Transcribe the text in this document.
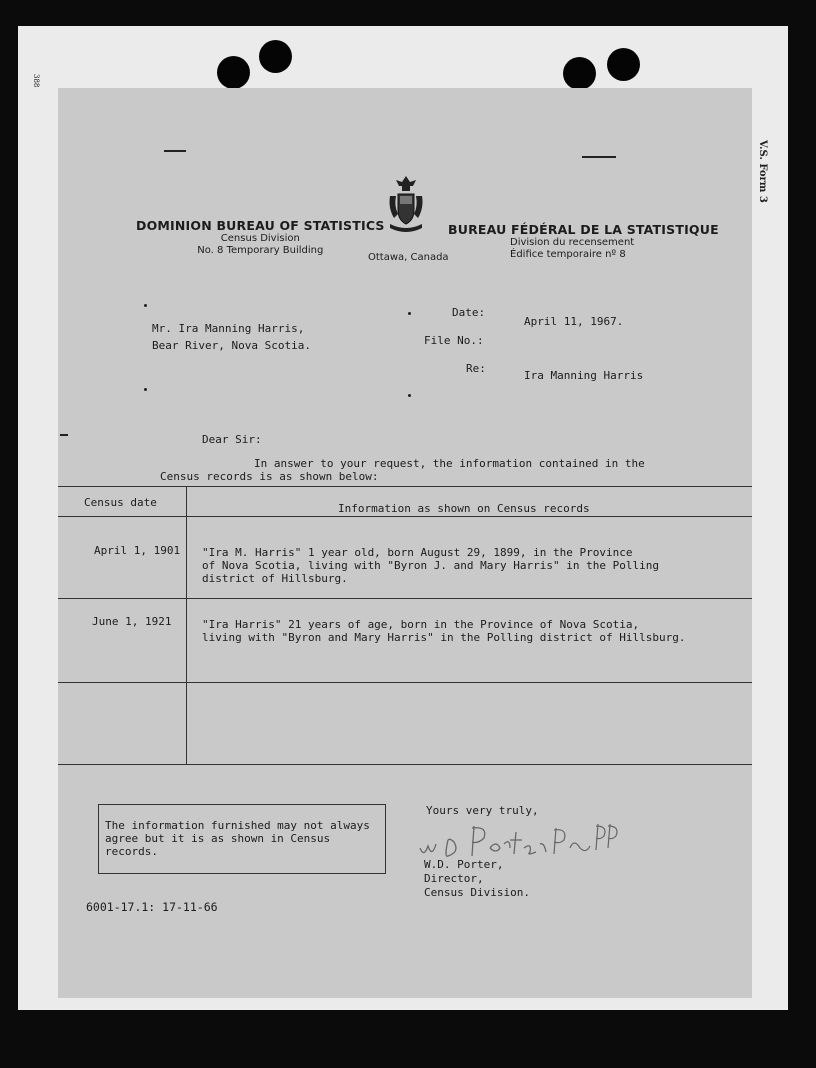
V.S. Form 3
388
DOMINION BUREAU OF STATISTICS
Census Division
No. 8 Temporary Building
Ottawa, Canada
BUREAU FÉDÉRAL DE LA STATISTIQUE
Division du recensement
Édifice temporaire nº 8
Mr. Ira Manning Harris,
Bear River, Nova Scotia.
Date:
April 11, 1967.
File No.:
Re:
Ira Manning Harris
Dear Sir:
In answer to your request, the information contained in the
Census records is as shown below:
Census date	Information as shown on Census records
April 1, 1901 "Ira M. Harris" 1 year old, born August 29, 1899, in the Province
of Nova Scotia, living with "Byron J. and Mary Harris" in the Polling
district of Hillsburg.
June 1, 1921	"Ira Harris" 21 years of age, born in the Province of Nova Scotia,
living with "Byron and Mary Harris" in the Polling district of Hillsburg.
The information furnished may not always
agree but it is as shown in Census
records.
Yours very truly,
W.D. Porter,
Director,
Census Division.
6001-17.1: 17-11-66
